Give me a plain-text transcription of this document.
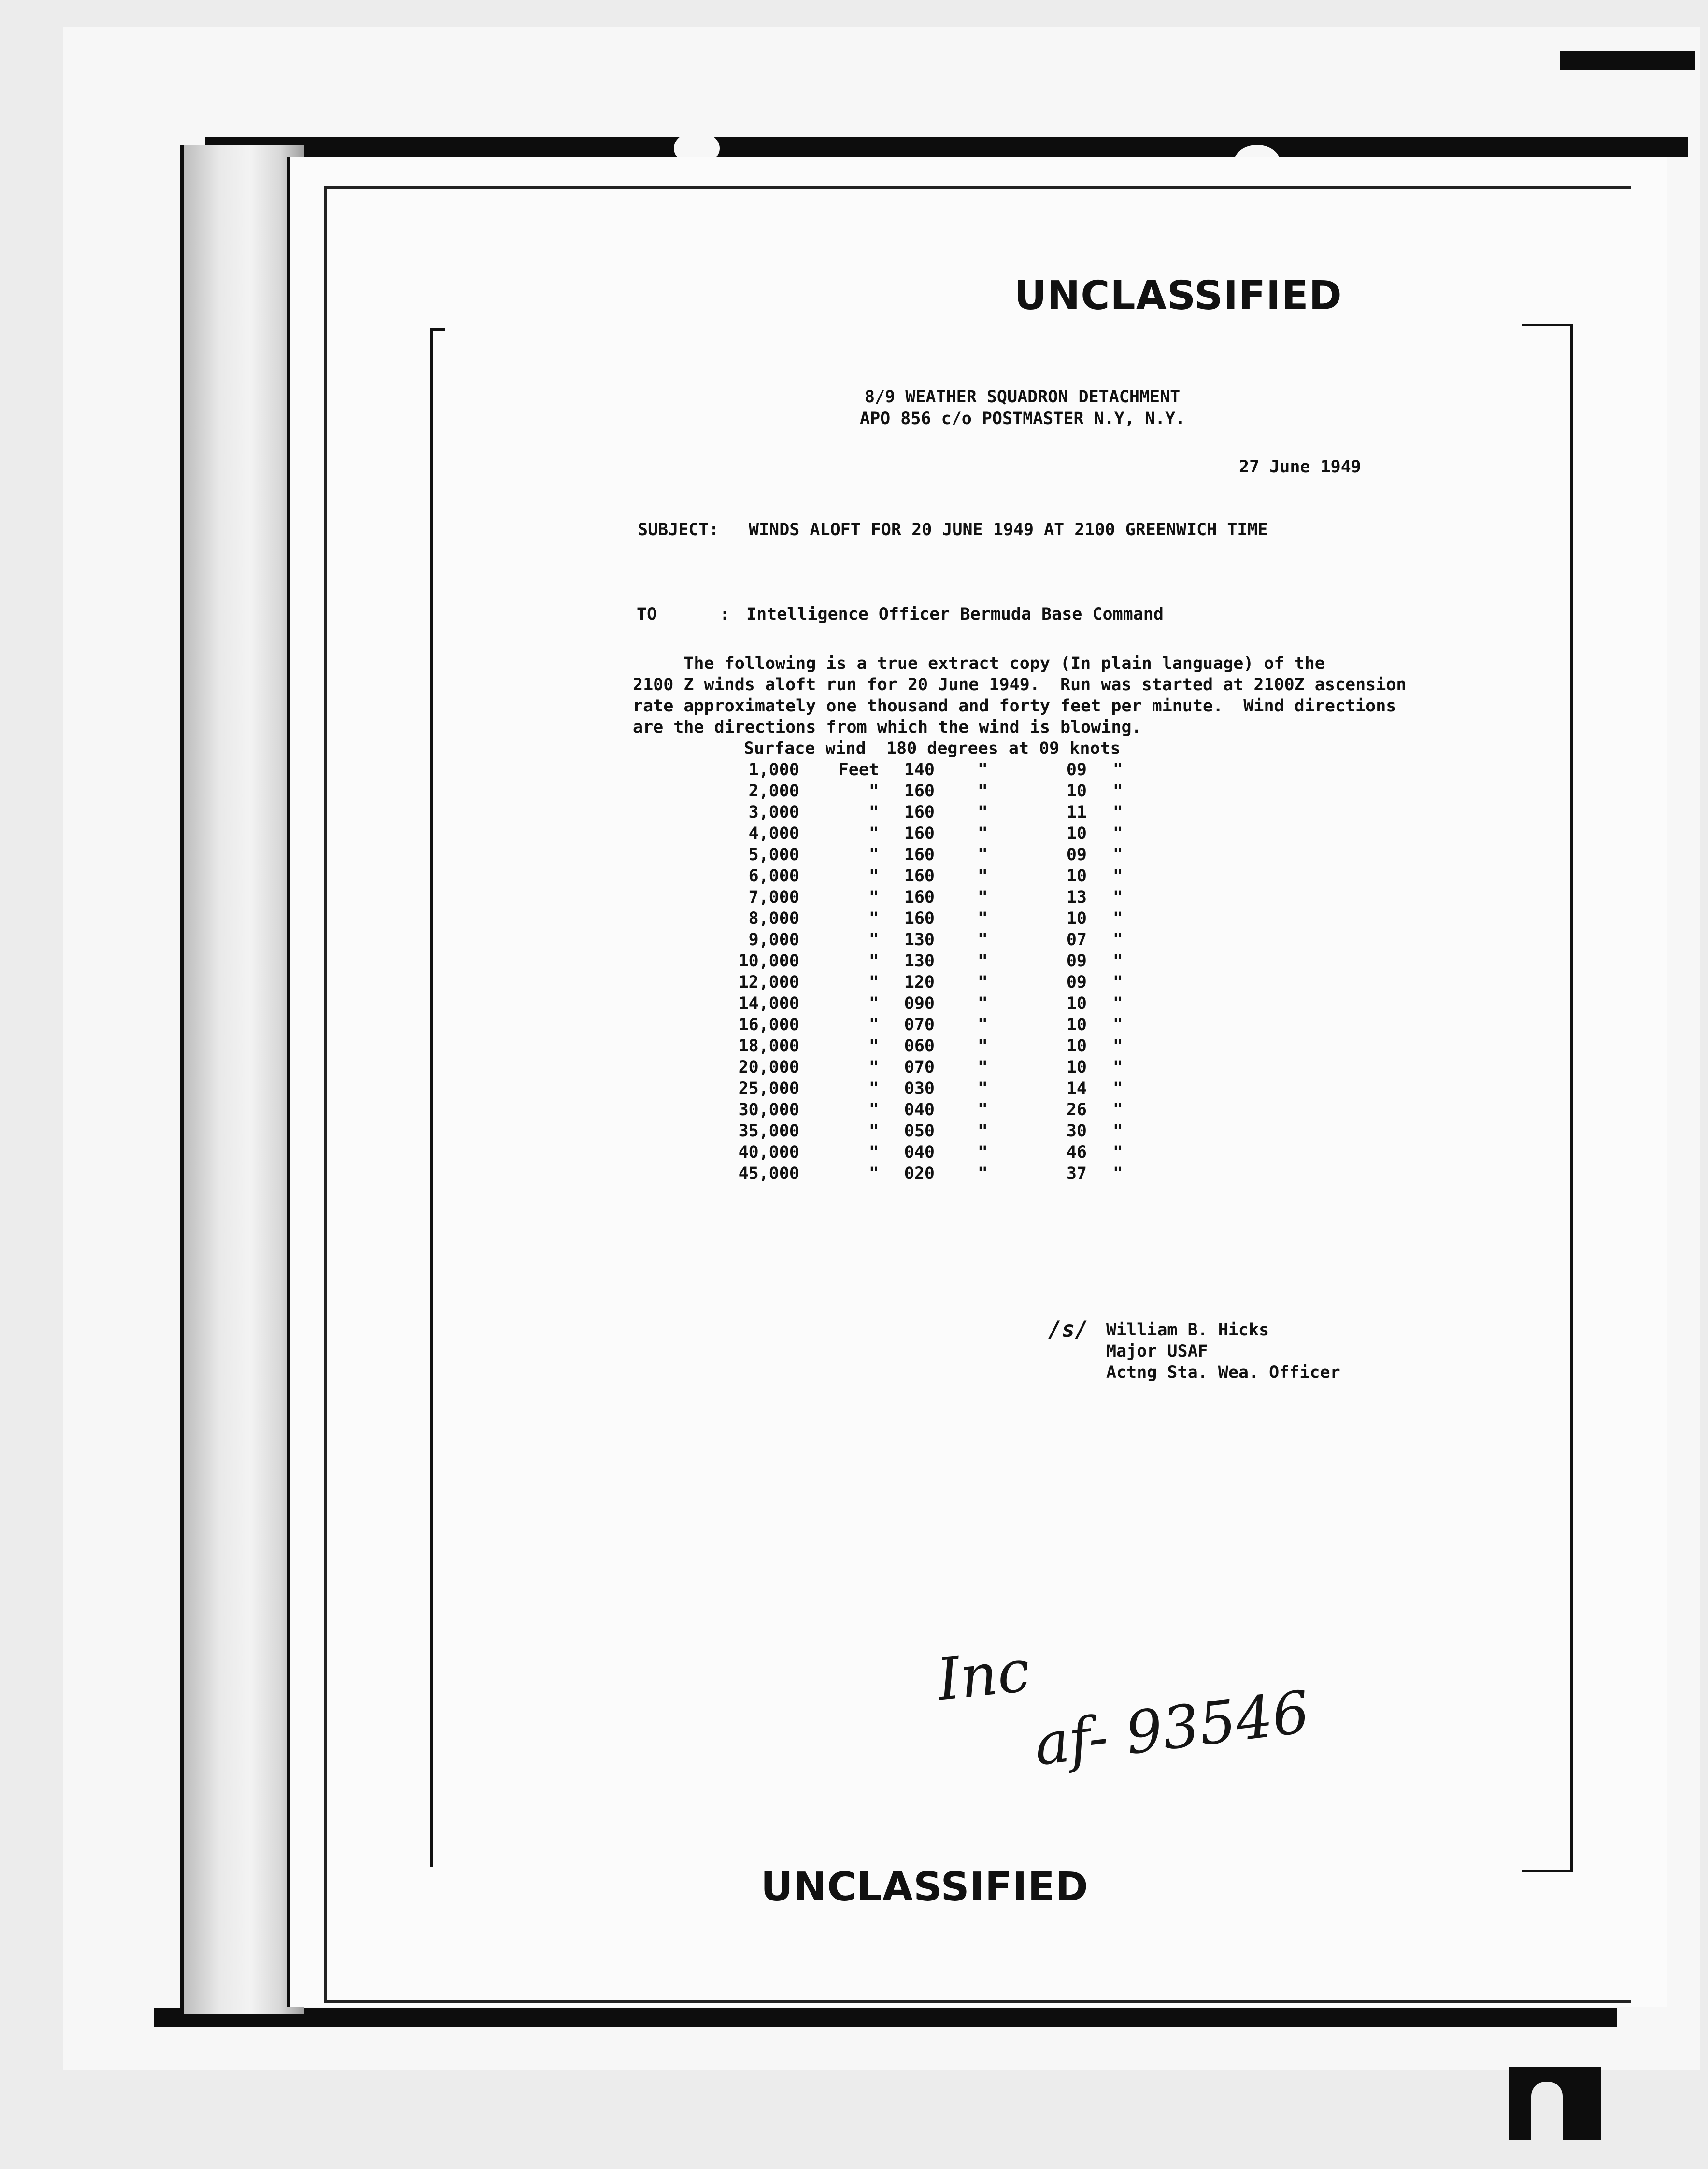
UNCLASSIFIED
UNCLASSIFIED
8/9 WEATHER SQUADRON DETACHMENT
APO 856 c/o POSTMASTER N.Y, N.Y.
27 June 1949
SUBJECT: WINDS ALOFT FOR 20 JUNE 1949 AT 2100 GREENWICH TIME
TO	: Intelligence Officer Bermuda Base Command
The following is a true extract copy (In plain language) of the
2100 Z winds aloft run for 20 June 1949.  Run was started at 2100Z ascension
rate approximately one thousand and forty feet per minute.  Wind directions
are the directions from which the wind is blowing.
Surface wind  180 degrees at 09 knots
1,000	Feet	140	"	09	"
2,000	"	160	"	10	"
3,000	"	160	"	11	"
4,000	"	160	"	10	"
5,000	"	160	"	09	"
6,000	"	160	"	10	"
7,000	"	160	"	13	"
8,000	"	160	"	10	"
9,000	"	130	"	07	"
10,000	"	130	"	09	"
12,000	"	120	"	09	"
14,000	"	090	"	10	"
16,000	"	070	"	10	"
18,000	"	060	"	10	"
20,000	"	070	"	10	"
25,000	"	030	"	14	"
30,000	"	040	"	26	"
35,000	"	050	"	30	"
40,000	"	040	"	46	"
45,000	"	020	"	37	"
/s/ William B. Hicks
Major USAF
Actng Sta. Wea. Officer
Inc
af- 93546
